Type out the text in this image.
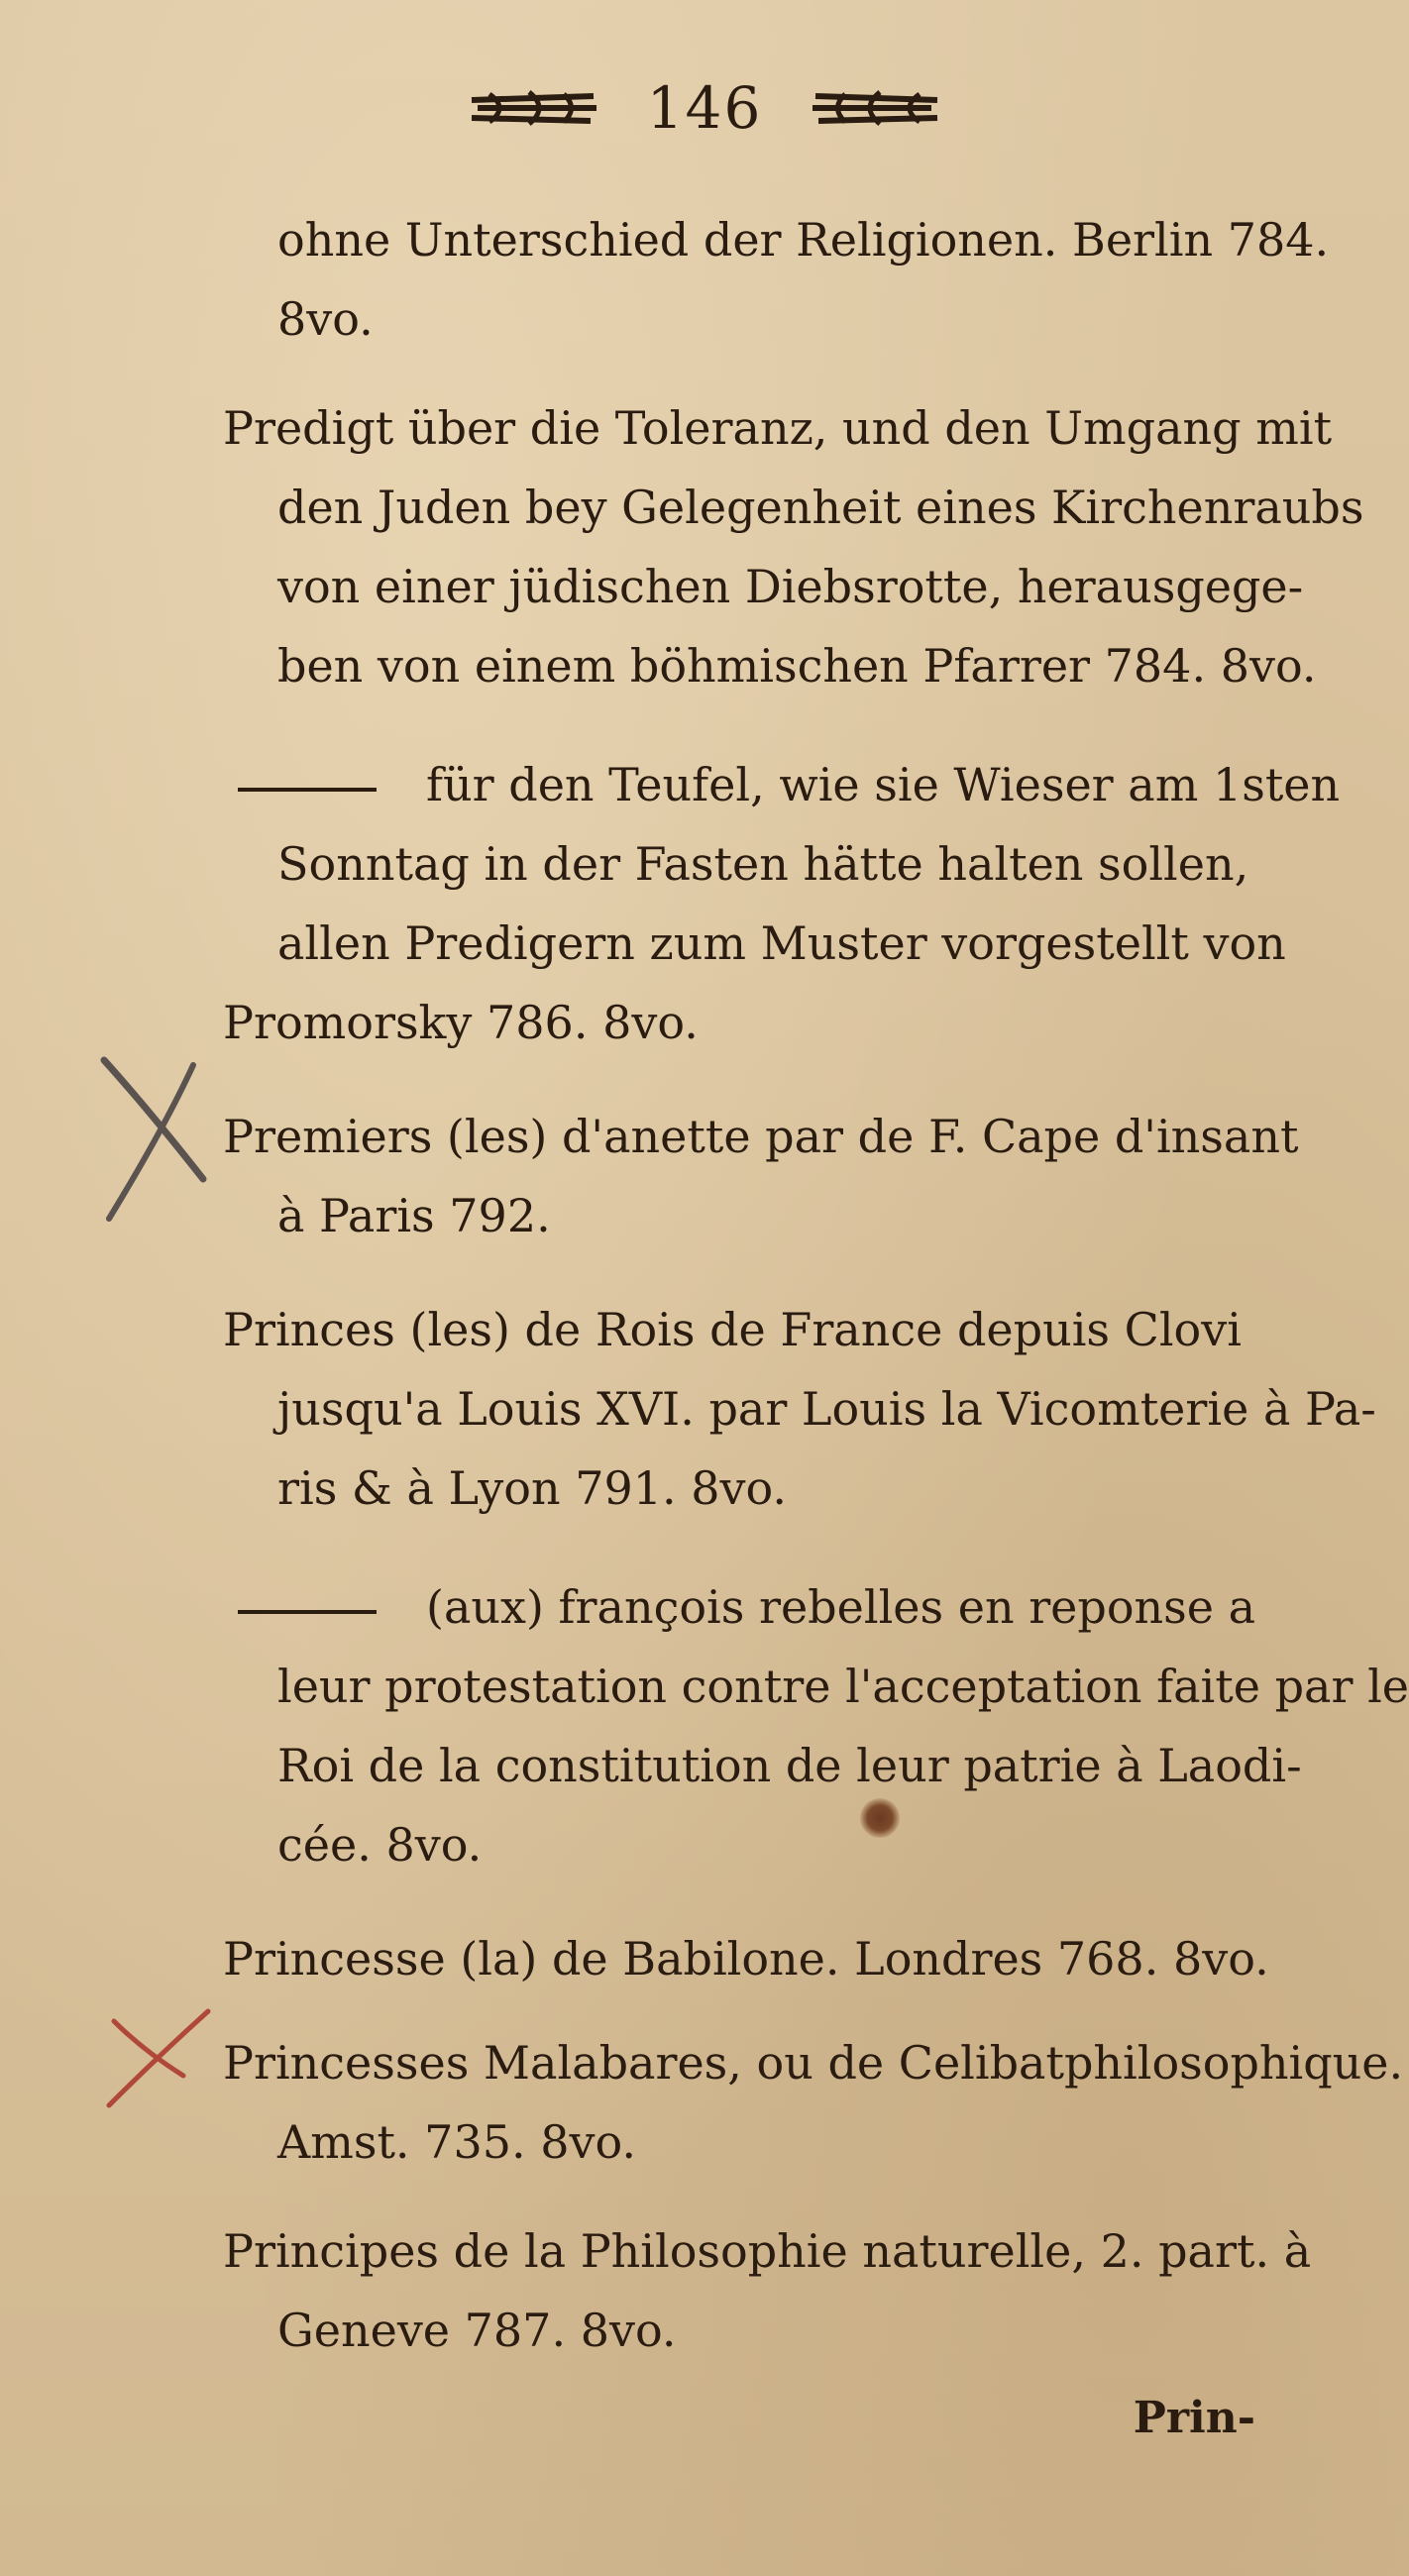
146
ohne Unterschied der Religionen. Berlin 784.
8vo.
Predigt über die Toleranz, und den Umgang mit
den Juden bey Gelegenheit eines Kirchenraubs
von einer jüdischen Diebsrotte, herausgege-
ben von einem böhmischen Pfarrer 784. 8vo.
für den Teufel, wie sie Wieser am 1sten
Sonntag in der Fasten hätte halten sollen,
allen Predigern zum Muster vorgestellt von
Promorsky 786. 8vo.
Premiers (les) d'anette par de F. Cape d'insant
à Paris 792.
Princes (les) de Rois de France depuis Clovi
jusqu'a Louis XVI. par Louis la Vicomterie à Pa-
ris & à Lyon 791. 8vo.
(aux) françois rebelles en reponse a
leur protestation contre l'acceptation faite par le
Roi de la constitution de leur patrie à Laodi-
cée. 8vo.
Princesse (la) de Babilone. Londres 768. 8vo.
Princesses Malabares, ou de Celibatphilosophique.
Amst. 735. 8vo.
Principes de la Philosophie naturelle, 2. part. à
Geneve 787. 8vo.
Prin-
